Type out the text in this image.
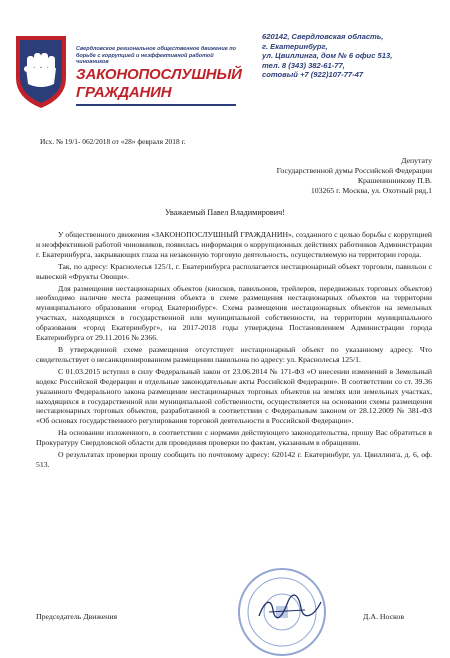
Свердловское региональное общественное движение по борьбе с коррупцией и неэффективной работой чиновников
ЗАКОНОПОСЛУШНЫЙ
ГРАЖДАНИН
620142, Свердловская область,
г. Екатеринбург,
ул. Цвиллинга, дом № 6 офис 513,
тел. 8 (343) 382-61-77,
сотовый +7 (922)107-77-47
Исх. № 19/1- 062/2018 от «28» февраля 2018 г.
Депутату
Государственной думы Российской Федерации
Крашенинникову П.В.
103265 г. Москва, ул. Охотный ряд,1
Уважаемый Павел Владимирович!

У общественного движения «ЗАКОНОПОСЛУШНЫЙ ГРАЖДАНИН», созданного с целью борьбы с коррупцией и неэффективной работой чиновников, появилась информация о коррупционных действиях работников Администрации г. Екатеринбурга, закрывающих глаза на незаконную торговую деятельность, осуществляемую на территории города.

Так, по адресу: Краснолесья 125/1, г. Екатеринбурга располагается нестационарный объект торговли, павильон с вывеской «Фрукты Овощи».

Для размещения нестационарных объектов (киосков, павильонов, трейлеров, передвижных торговых объектов) необходимо наличие места размещения объекта в схеме размещения нестационарных объектов на территории муниципального образования «город Екатеринбург». Схема размещения нестационарных объектов на земельных участках, находящихся в государственной или муниципальной собственности, на территории муниципального образования «город Екатеринбург», на 2017-2018 годы утверждена Постановлением Администрации города Екатеринбурга от 29.11.2016 № 2366.

В утвержденной схеме размещения отсутствует нестационарный объект по указанному адресу. Что свидетельствует о несанкционированном размещении павильона по адресу: ул. Краснолесья 125/1.

С 01.03.2015 вступил в силу Федеральный закон от 23.06.2014 № 171-ФЗ «О внесении изменений в Земельный кодекс Российской Федерации и отдельные законодательные акты Российской Федерации». В соответствии со ст. 39.36 указанного Федерального закона размещение нестационарных торговых объектов на землях или земельных участках, находящихся в государственной или муниципальной собственности, осуществляется на основании схемы размещения нестационарных торговых объектов, разработанной в соответствии с Федеральным законом от 28.12.2009 № 381-ФЗ «Об основах государственного регулирования торговой деятельности в Российской Федерации».

На основании изложенного, в соответствии с нормами действующего законодательства, прошу Вас обратиться в Прокуратуру Свердловской области для проведения проверки по фактам, указанным в обращении.

О результатах проверки прошу сообщить по почтовому адресу: 620142 г. Екатеринбург, ул. Цвиллинга, д. 6, оф. 513.

Председатель Движения	Д.А. Носков
